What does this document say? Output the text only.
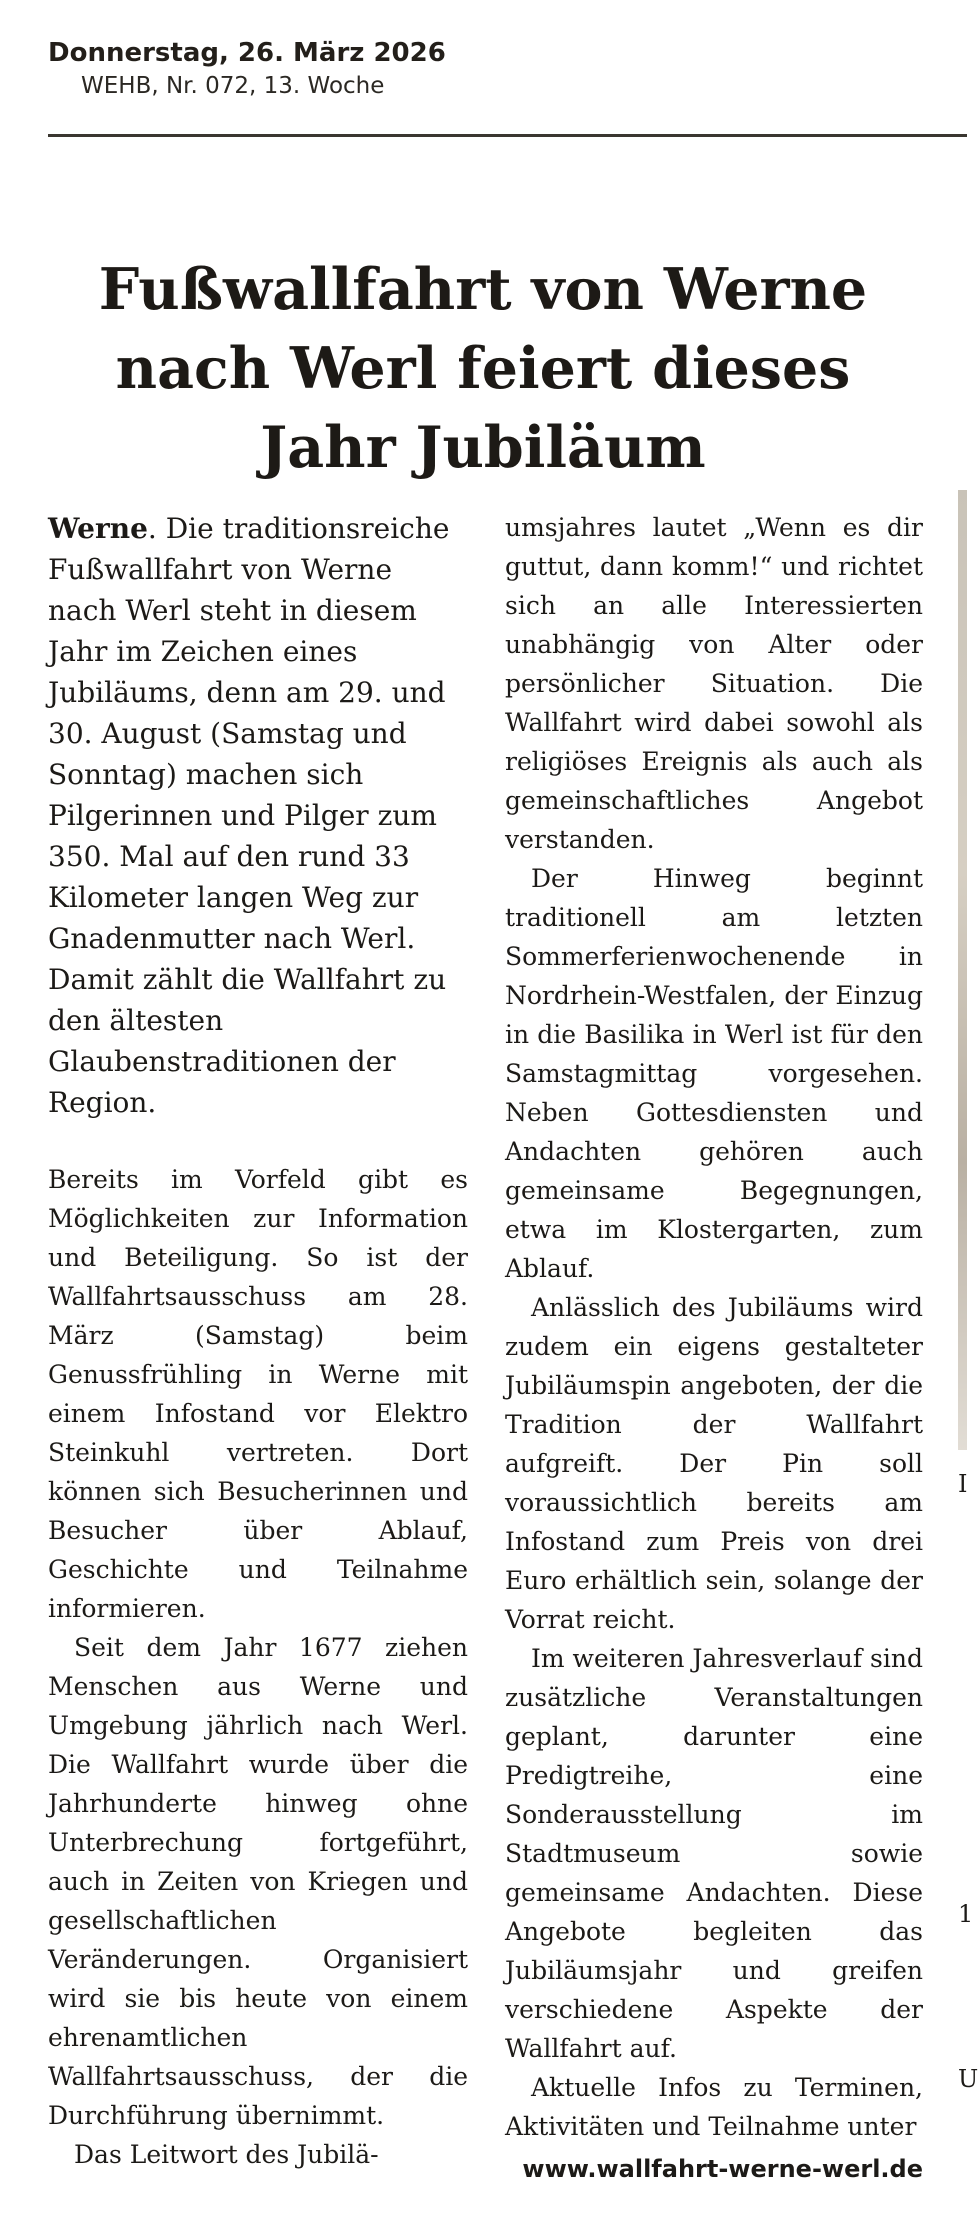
Donnerstag, 26. März 2026
WEHB, Nr. 072, 13. Woche
Fußwallfahrt von Werne nach Werl feiert dieses Jahr Jubiläum

Werne. Die traditionsreiche Fußwallfahrt von Werne nach Werl steht in diesem Jahr im Zeichen eines Jubiläums, denn am 29. und 30. August (Samstag und Sonntag) machen sich Pilgerinnen und Pilger zum 350. Mal auf den rund 33 Kilometer langen Weg zur Gnadenmutter nach Werl. Damit zählt die Wallfahrt zu den ältesten Glaubenstraditionen der Region.

Bereits im Vorfeld gibt es Möglichkeiten zur Information und Beteiligung. So ist der Wallfahrtsausschuss am 28. März (Samstag) beim Genussfrühling in Werne mit einem Infostand vor Elektro Steinkuhl vertreten. Dort können sich Besucherinnen und Besucher über Ablauf, Geschichte und Teilnahme informieren.

Seit dem Jahr 1677 ziehen Menschen aus Werne und Umgebung jährlich nach Werl. Die Wallfahrt wurde über die Jahrhunderte hinweg ohne Unterbrechung fortgeführt, auch in Zeiten von Kriegen und gesellschaftlichen Veränderungen. Organisiert wird sie bis heute von einem ehrenamtlichen Wallfahrtsausschuss, der die Durchführung übernimmt.

Das Leitwort des Jubilä-

umsjahres lautet „Wenn es dir guttut, dann komm!“ und richtet sich an alle Interessierten unabhängig von Alter oder persönlicher Situation. Die Wallfahrt wird dabei sowohl als religiöses Ereignis als auch als gemeinschaftliches Angebot verstanden.

Der Hinweg beginnt traditionell am letzten Sommerferienwochenende in Nordrhein-Westfalen, der Einzug in die Basilika in Werl ist für den Samstagmittag vorgesehen. Neben Gottesdiensten und Andachten gehören auch gemeinsame Begegnungen, etwa im Klostergarten, zum Ablauf.

Anlässlich des Jubiläums wird zudem ein eigens gestalteter Jubiläumspin angeboten, der die Tradition der Wallfahrt aufgreift. Der Pin soll voraussichtlich bereits am Infostand zum Preis von drei Euro erhältlich sein, solange der Vorrat reicht.

Im weiteren Jahresverlauf sind zusätzliche Veranstaltungen geplant, darunter eine Predigtreihe, eine Sonderausstellung im Stadtmuseum sowie gemeinsame Andachten. Diese Angebote begleiten das Jubiläumsjahr und greifen verschiedene Aspekte der Wallfahrt auf.

Aktuelle Infos zu Terminen, Aktivitäten und Teilnahme unter

www.wallfahrt-werne-werl.de
I
1
U
